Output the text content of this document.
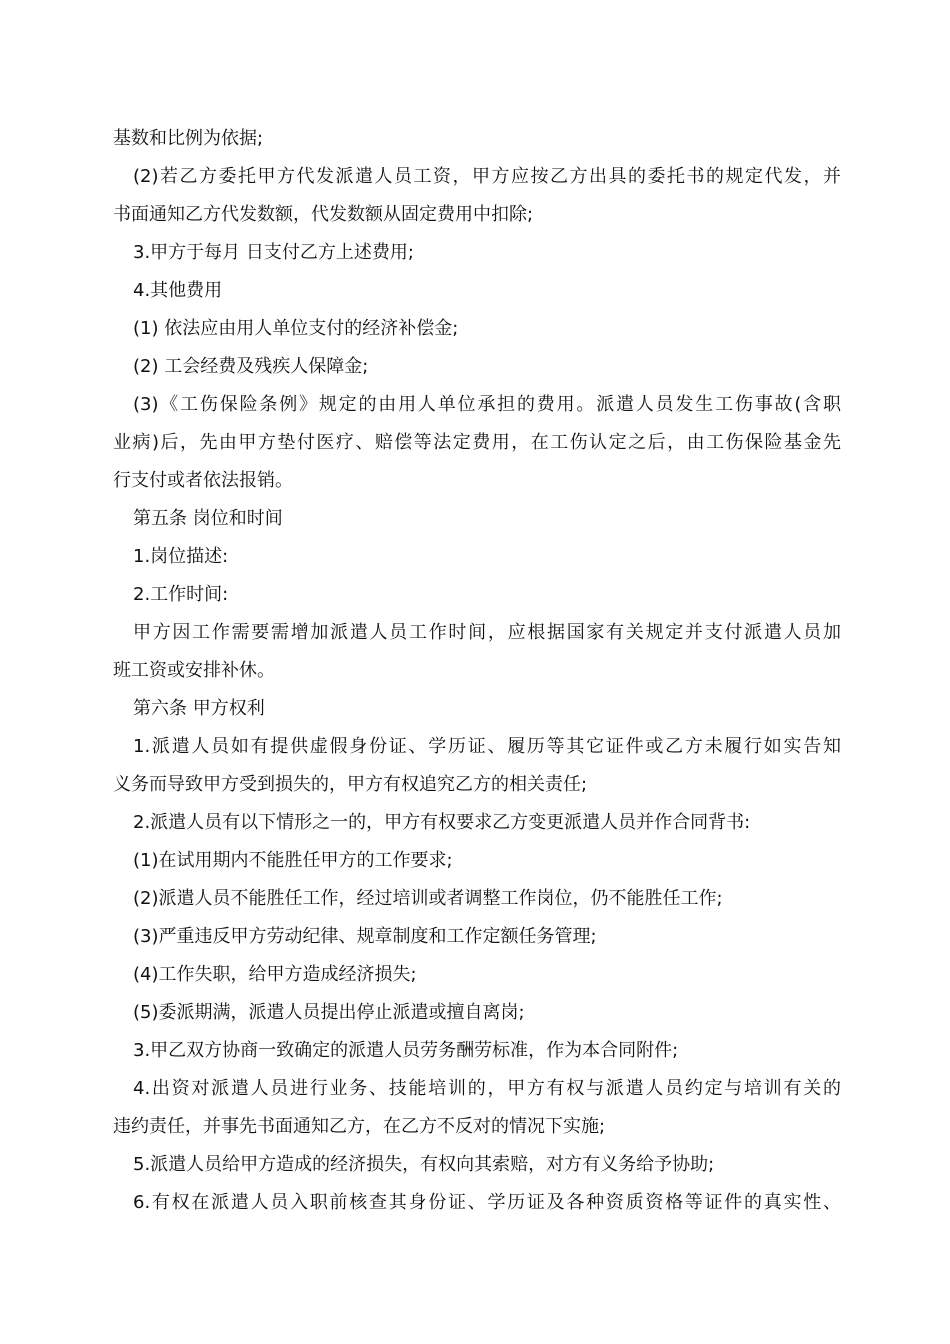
基数和比例为依据;
(2)若乙方委托甲方代发派遣人员工资，甲方应按乙方出具的委托书的规定代发，并
书面通知乙方代发数额，代发数额从固定费用中扣除;
3.甲方于每月 日支付乙方上述费用;
4.其他费用
(1) 依法应由用人单位支付的经济补偿金;
(2) 工会经费及残疾人保障金;
(3)《工伤保险条例》规定的由用人单位承担的费用。派遣人员发生工伤事故(含职
业病)后，先由甲方垫付医疗、赔偿等法定费用，在工伤认定之后，由工伤保险基金先
行支付或者依法报销。
第五条 岗位和时间
1.岗位描述:
2.工作时间:
甲方因工作需要需增加派遣人员工作时间，应根据国家有关规定并支付派遣人员加
班工资或安排补休。
第六条 甲方权利
1.派遣人员如有提供虚假身份证、学历证、履历等其它证件或乙方未履行如实告知
义务而导致甲方受到损失的，甲方有权追究乙方的相关责任;
2.派遣人员有以下情形之一的，甲方有权要求乙方变更派遣人员并作合同背书:
(1)在试用期内不能胜任甲方的工作要求;
(2)派遣人员不能胜任工作，经过培训或者调整工作岗位，仍不能胜任工作;
(3)严重违反甲方劳动纪律、规章制度和工作定额任务管理;
(4)工作失职，给甲方造成经济损失;
(5)委派期满，派遣人员提出停止派遣或擅自离岗;
3.甲乙双方协商一致确定的派遣人员劳务酬劳标准，作为本合同附件;
4.出资对派遣人员进行业务、技能培训的，甲方有权与派遣人员约定与培训有关的
违约责任，并事先书面通知乙方，在乙方不反对的情况下实施;
5.派遣人员给甲方造成的经济损失，有权向其索赔，对方有义务给予协助;
6.有权在派遣人员入职前核查其身份证、学历证及各种资质资格等证件的真实性、
